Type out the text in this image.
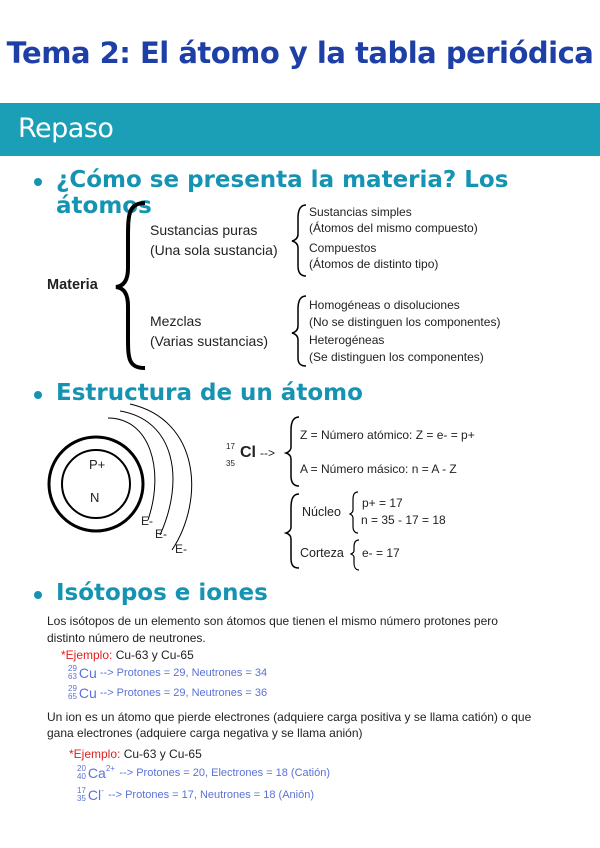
Tema 2: El átomo y la tabla periódica
Repaso
¿Cómo se presenta la materia? Los átomos
Materia
Sustancias puras
(Una sola sustancia)
Sustancias simples
(Átomos del mismo compuesto)
Compuestos
(Átomos de distinto tipo)
Mezclas
(Varias sustancias)
Homogéneas o disoluciones
(No se distinguen los componentes)
Heterogéneas
(Se distinguen los componentes)
Estructura de un átomo
P+
N
E-
E-
E-
17
35
Cl -->
Z = Número atómico: Z = e- = p+
A = Número másico: n = A - Z
Núcleo
p+ = 17
n = 35 - 17 = 18
Corteza e- = 17
Isótopos e iones
Los isótopos de un elemento son átomos que tienen el mismo número protones pero
distinto número de neutrones.
*Ejemplo: Cu-63 y Cu-65
29
63 Cu --> Protones = 29, Neutrones = 34
29
65 Cu --> Protones = 29, Neutrones = 36
Un ion es un átomo que pierde electrones (adquiere carga positiva y se llama catión) o que
gana electrones (adquiere carga negativa y se llama anión)
*Ejemplo: Cu-63 y Cu-65
20
40 $Ca^{2+}$ --> Protones = 20, Electrones = 18 (Catión)
17
35 Cl- --> Protones = 17, Neutrones = 18 (Anión)
